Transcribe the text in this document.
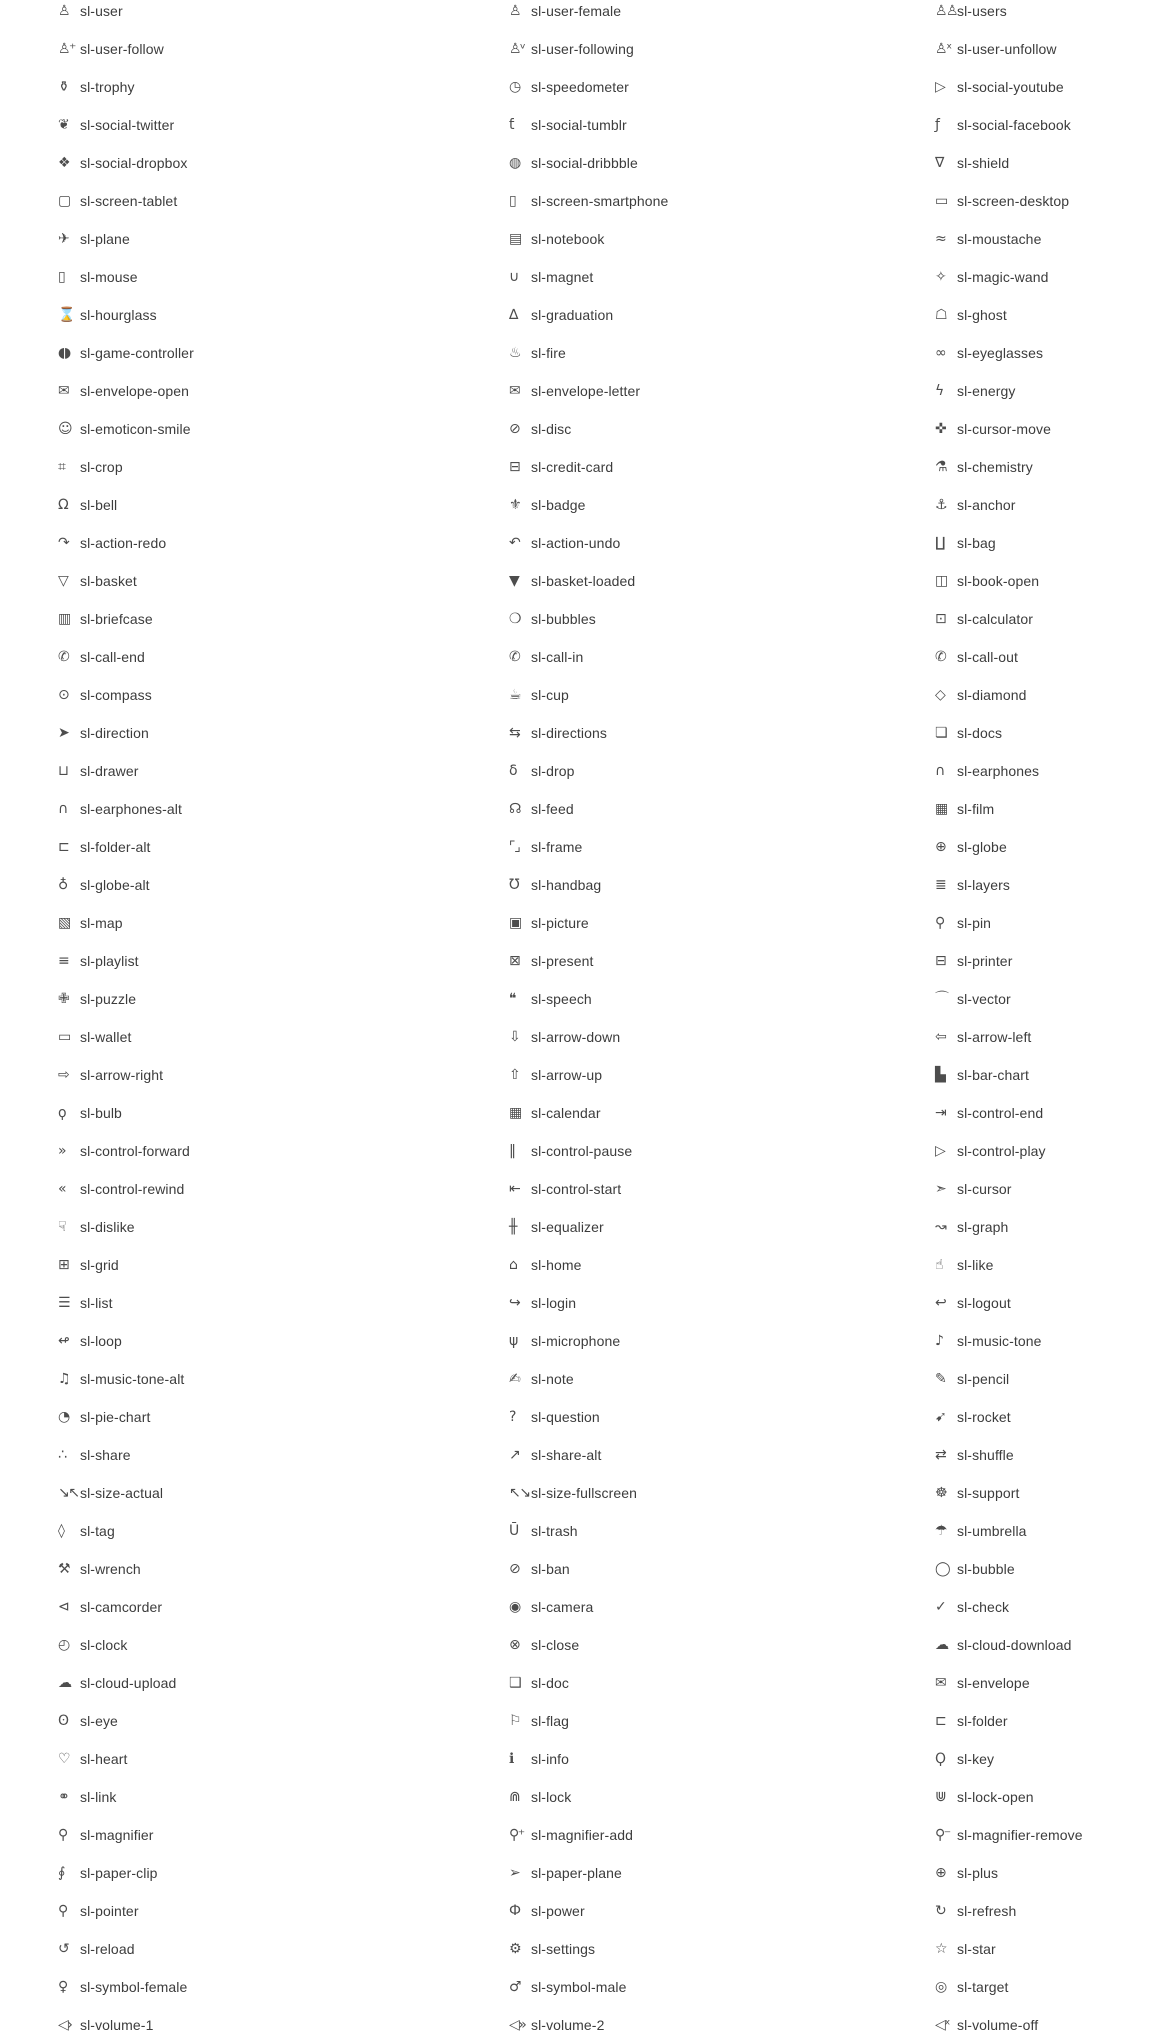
♙ sl-user	♙ sl-user-female	♙♙ sl-users
♙⁺ sl-user-follow	♙ᵛ sl-user-following	♙ˣ sl-user-unfollow
⚱ sl-trophy	◷ sl-speedometer	▷ sl-social-youtube
❦ sl-social-twitter	ƭ	sl-social-tumblr	ƒ	sl-social-facebook
❖ sl-social-dropbox	◍ sl-social-dribbble	∇	sl-shield
▢ sl-screen-tablet	▯	sl-screen-smartphone	▭ sl-screen-desktop
✈ sl-plane	▤ sl-notebook	≈ sl-moustache
▯	sl-mouse	∪ sl-magnet	✧ sl-magic-wand
⌛ sl-hourglass	∆	sl-graduation	☖ sl-ghost
◖◗ sl-game-controller	♨ sl-fire	∞ sl-eyeglasses
✉ sl-envelope-open	✉ sl-envelope-letter	ϟ	sl-energy
☺ sl-emoticon-smile	⊘ sl-disc	✜ sl-cursor-move
⌗	sl-crop	⊟ sl-credit-card	⚗ sl-chemistry
Ω sl-bell	⚜ sl-badge	⚓ sl-anchor
↷ sl-action-redo	↶ sl-action-undo	∐ sl-bag
▽ sl-basket	▼ sl-basket-loaded	◫ sl-book-open
▥ sl-briefcase	❍ sl-bubbles	⊡ sl-calculator
✆ sl-call-end	✆ sl-call-in	✆ sl-call-out
⊙ sl-compass	☕ sl-cup	◇ sl-diamond
➤ sl-direction	⇆ sl-directions	❏ sl-docs
⊔ sl-drawer	δ	sl-drop	∩ sl-earphones
∩ sl-earphones-alt	☊ sl-feed	▦ sl-film
⊏ sl-folder-alt	⌜⌟ sl-frame	⊕ sl-globe
♁ sl-globe-alt	Ʊ sl-handbag	≣ sl-layers
▧ sl-map	▣ sl-picture	⚲ sl-pin
≡ sl-playlist	⊠ sl-present	⊟ sl-printer
✙ sl-puzzle	❝	sl-speech	⌒ sl-vector
▭ sl-wallet	⇩ sl-arrow-down	⇦ sl-arrow-left
⇨ sl-arrow-right	⇧ sl-arrow-up	▙ sl-bar-chart
ϙ	sl-bulb	▦ sl-calendar	⇥ sl-control-end
»	sl-control-forward	‖	sl-control-pause	▷ sl-control-play
«	sl-control-rewind	⇤ sl-control-start	➣ sl-cursor
☟	sl-dislike	╫	sl-equalizer	↝ sl-graph
⊞ sl-grid	⌂	sl-home	☝	sl-like
☰ sl-list	↪ sl-login	↩ sl-logout
↫ sl-loop	ψ	sl-microphone	♪	sl-music-tone
♫ sl-music-tone-alt	✍ sl-note	✎ sl-pencil
◔ sl-pie-chart	?	sl-question	➹ sl-rocket
∴	sl-share	↗ sl-share-alt	⇄ sl-shuffle
↘↖ sl-size-actual	↖↘ sl-size-fullscreen	☸ sl-support
◊	sl-tag	Ū sl-trash	☂ sl-umbrella
⚒ sl-wrench	⊘ sl-ban	◯ sl-bubble
⊲ sl-camcorder	◉ sl-camera	✓ sl-check
◴ sl-clock	⊗ sl-close	☁ sl-cloud-download
☁ sl-cloud-upload	❑ sl-doc	✉ sl-envelope
ʘ sl-eye	⚐ sl-flag	⊏ sl-folder
♡ sl-heart	ℹ	sl-info	Ϙ sl-key
⚭ sl-link	⋒ sl-lock	⋓ sl-lock-open
⚲ sl-magnifier	⚲⁺ sl-magnifier-add	⚲⁻ sl-magnifier-remove
∮	sl-paper-clip	➢ sl-paper-plane	⊕ sl-plus
⚲ sl-pointer	Ф sl-power	↻ sl-refresh
↺ sl-reload	⚙ sl-settings	☆ sl-star
♀ sl-symbol-female	♂ sl-symbol-male	◎ sl-target
◁› sl-volume-1	◁» sl-volume-2	◁ˣ sl-volume-off
